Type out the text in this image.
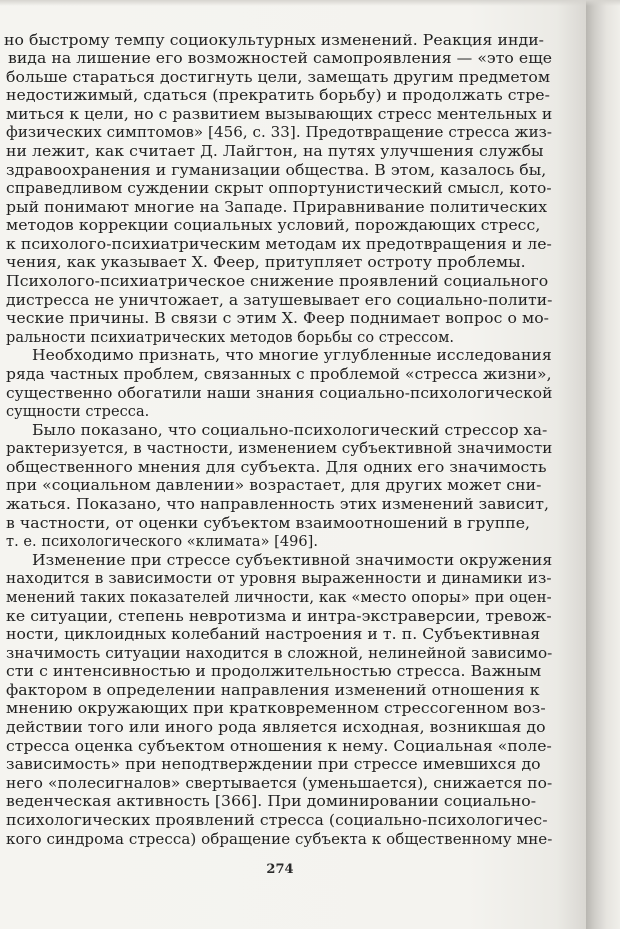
но быстрому темпу социокультурных изменений. Реакция инди-
вида на лишение его возможностей самопроявления — «это еще
больше стараться достигнуть цели, замещать другим предметом
недостижимый, сдаться (прекратить борьбу) и продолжать стре-
миться к цели, но с развитием вызывающих стресс ментельных и
физических симптомов» [456, с. 33]. Предотвращение стресса жиз-
ни лежит, как считает Д. Лайгтон, на путях улучшения службы
здравоохранения и гуманизации общества. В этом, казалось бы,
справедливом суждении скрыт оппортунистический смысл, кото-
рый понимают многие на Западе. Приравнивание политических
методов коррекции социальных условий, порождающих стресс,
к психолого-психиатрическим методам их предотвращения и ле-
чения, как указывает Х. Феер, притупляет остроту проблемы.
Психолого-психиатрическое снижение проявлений социального
дистресса не уничтожает, а затушевывает его социально-полити-
ческие причины. В связи с этим Х. Феер поднимает вопрос о мо-
ральности психиатрических методов борьбы со стрессом.
Необходимо признать, что многие углубленные исследования
ряда частных проблем, связанных с проблемой «стресса жизни»,
существенно обогатили наши знания социально-психологической
сущности стресса.
Было показано, что социально-психологический стрессор ха-
рактеризуется, в частности, изменением субъективной значимости
общественного мнения для субъекта. Для одних его значимость
при «социальном давлении» возрастает, для других может сни-
жаться. Показано, что направленность этих изменений зависит,
в частности, от оценки субъектом взаимоотношений в группе,
т. е. психологического «климата» [496].
Изменение при стрессе субъективной значимости окружения
находится в зависимости от уровня выраженности и динамики из-
менений таких показателей личности, как «место опоры» при оцен-
ке ситуации, степень невротизма и интра-экстраверсии, тревож-
ности, циклоидных колебаний настроения и т. п. Субъективная
значимость ситуации находится в сложной, нелинейной зависимо-
сти с интенсивностью и продолжительностью стресса. Важным
фактором в определении направления изменений отношения к
мнению окружающих при кратковременном стрессогенном воз-
действии того или иного рода является исходная, возникшая до
стресса оценка субъектом отношения к нему. Социальная «поле-
зависимость» при неподтверждении при стрессе имевшихся до
него «полесигналов» свертывается (уменьшается), снижается по-
веденческая активность [366]. При доминировании социально-
психологических проявлений стресса (социально-психологичес-
кого синдрома стресса) обращение субъекта к общественному мне-
274
